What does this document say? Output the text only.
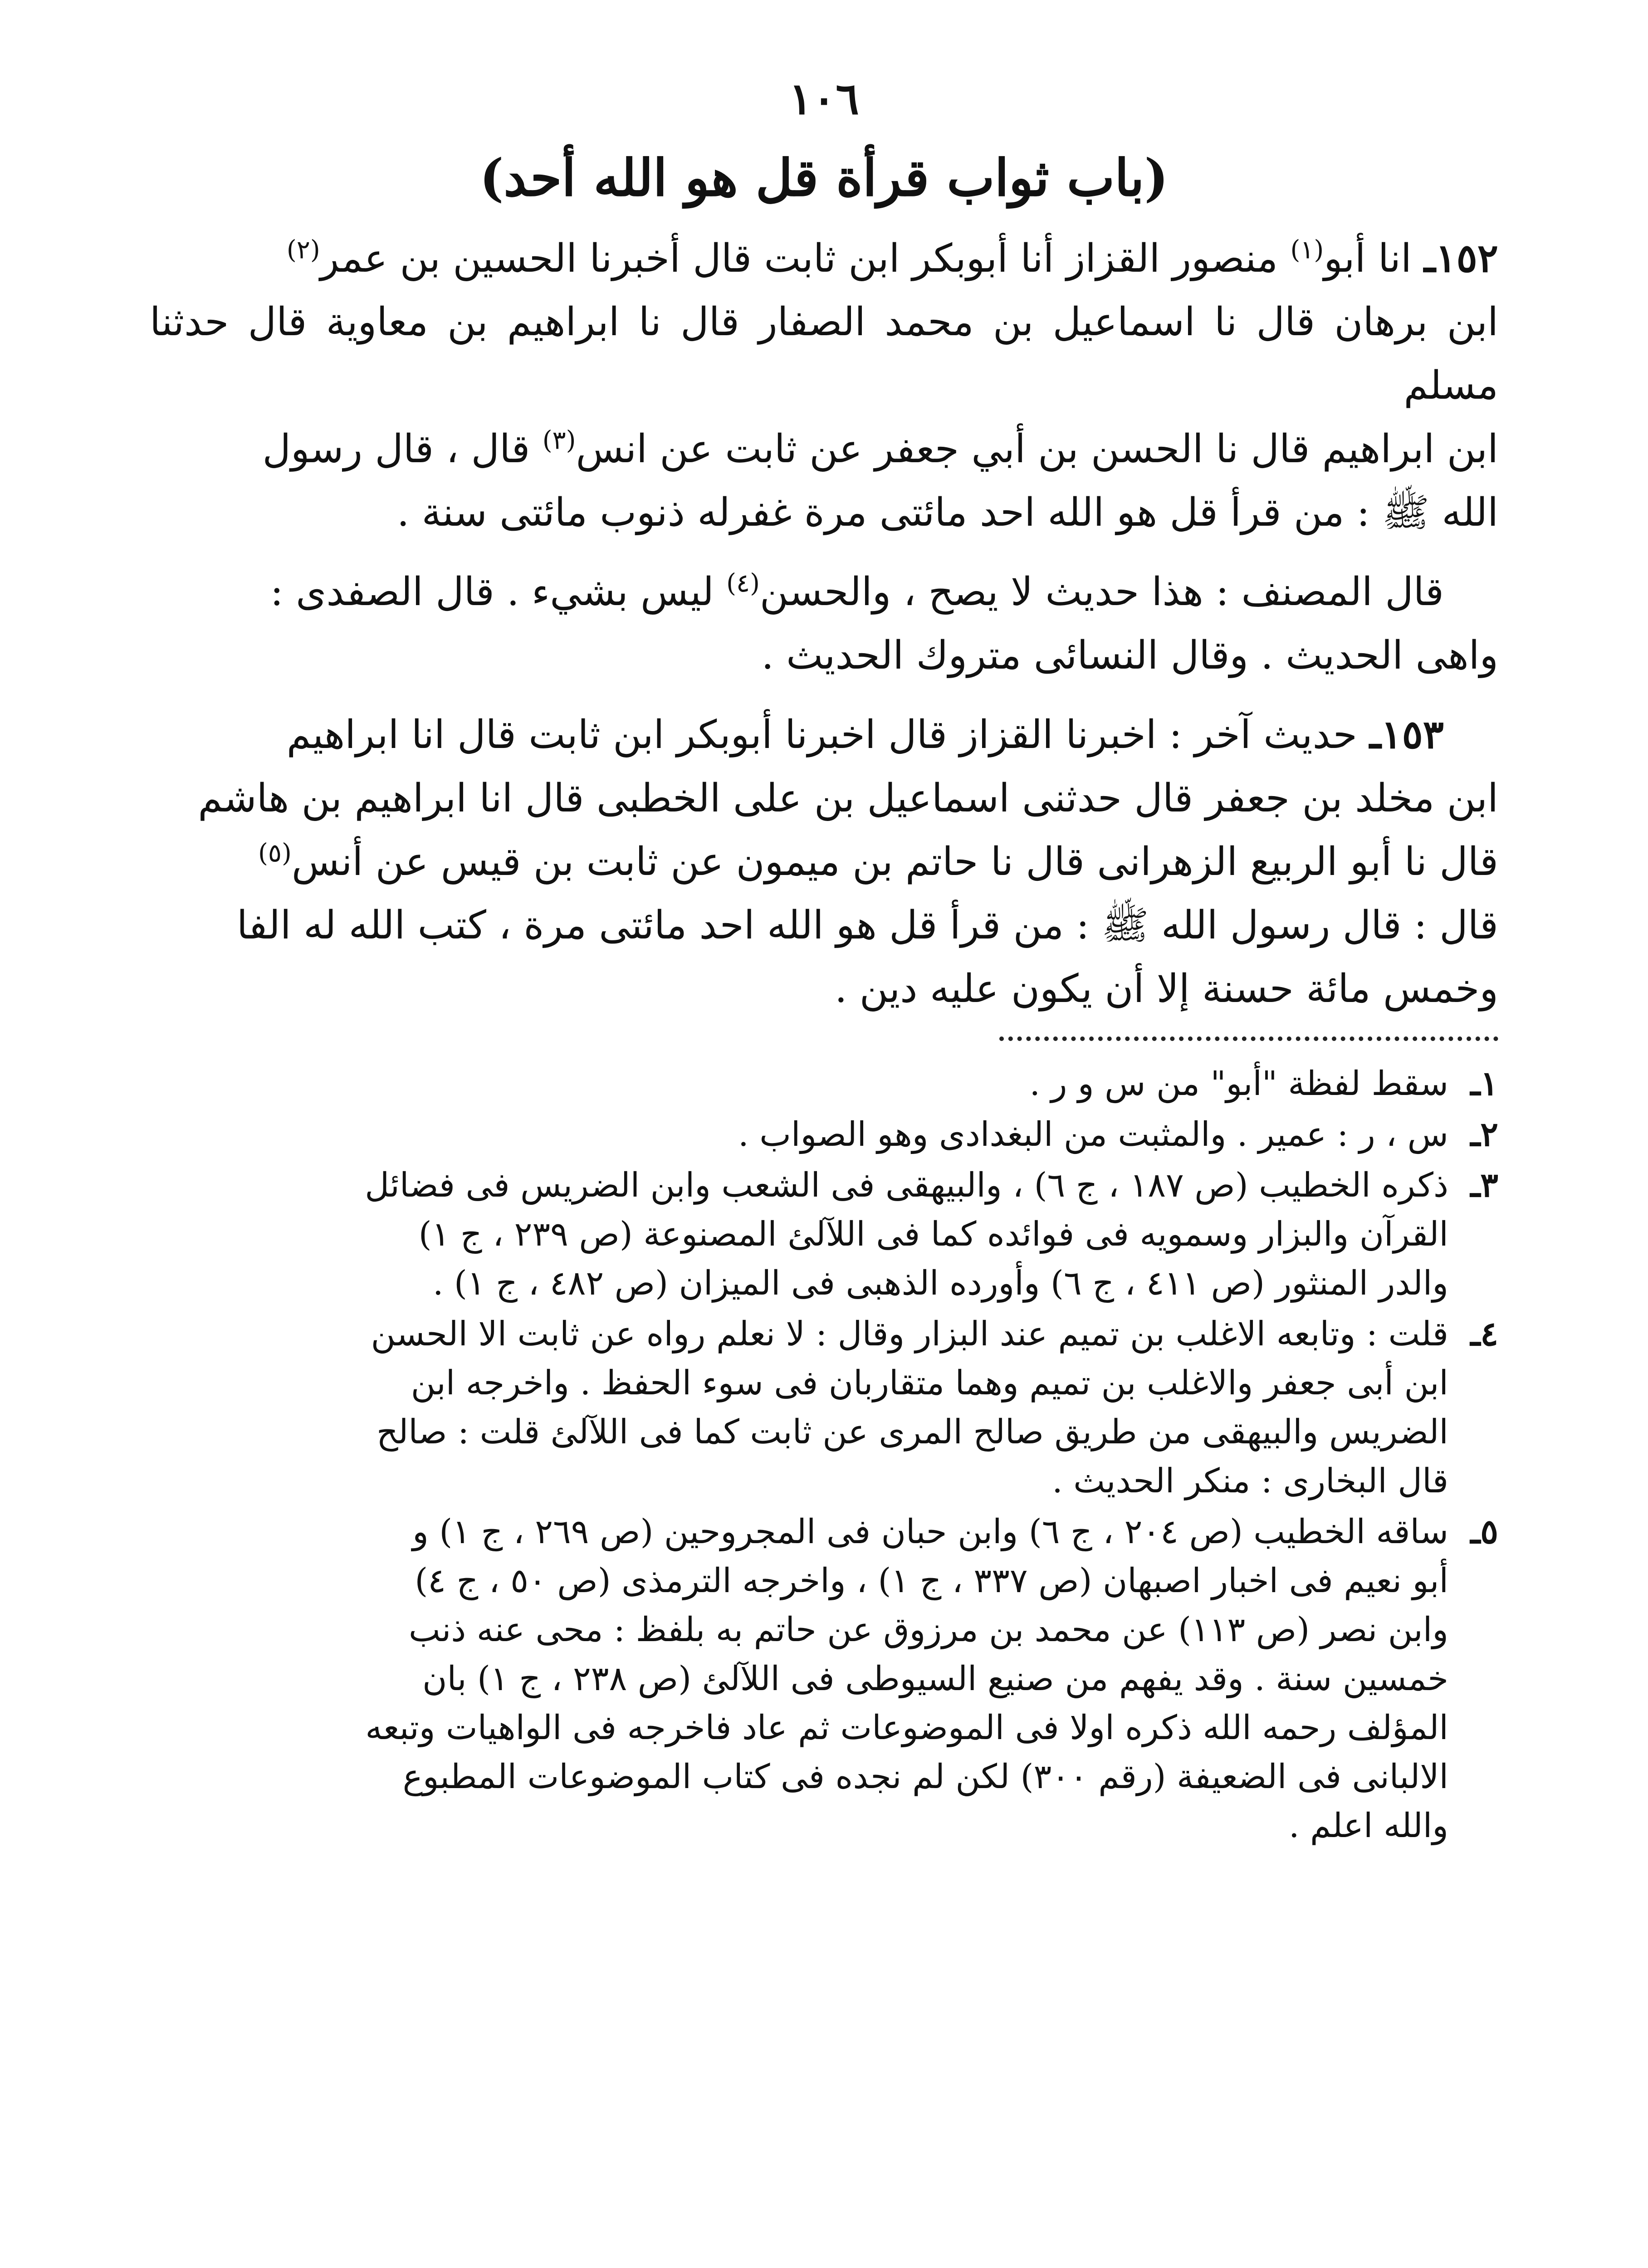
١٠٦
(باب ثواب قرأة قل هو الله أحد)

١٥٢ـ انا أبو$^{(١)}$ منصور القزاز أنا أبوبكر ابن ثابت قال أخبرنا الحسين بن عمر$^{(٢)}$

ابن برهان قال نا اسماعيل بن محمد الصفار قال نا ابراهيم بن معاوية قال حدثنا مسلم

ابن ابراهيم قال نا الحسن بن أبي جعفر عن ثابت عن انس$^{(٣)}$ قال ، قال رسول

الله ﷺ : من قرأ قل هو الله احد مائتى مرة غفرله ذنوب مائتى سنة .

قال المصنف : هذا حديث لا يصح ، والحسن$^{(٤)}$ ليس بشيء . قال الصفدى :

واهى الحديث . وقال النسائى متروك الحديث .

١٥٣ـ حديث آخر : اخبرنا القزاز قال اخبرنا أبوبكر ابن ثابت قال انا ابراهيم

ابن مخلد بن جعفر قال حدثنى اسماعيل بن على الخطبى قال انا ابراهيم بن هاشم

قال نا أبو الربيع الزهرانى قال نا حاتم بن ميمون عن ثابت بن قيس عن أنس$^{(٥)}$

قال : قال رسول الله ﷺ : من قرأ قل هو الله احد مائتى مرة ، كتب الله له الفا

وخمس مائة حسنة إلا أن يكون عليه دين .

١ـ
سقط لفظة "أبو" من س و ر .
٢ـ
س ، ر : عمير . والمثبت من البغدادى وهو الصواب .
٣ـ
ذكره الخطيب (ص ١٨٧ ، ج ٦) ، والبيهقى فى الشعب وابن الضريس فى فضائل
القرآن والبزار وسمويه فى فوائده كما فى اللآلئ المصنوعة (ص ٢٣٩ ، ج ١)
والدر المنثور (ص ٤١١ ، ج ٦) وأورده الذهبى فى الميزان (ص ٤٨٢ ، ج ١) .
٤ـ
قلت : وتابعه الاغلب بن تميم عند البزار وقال : لا نعلم رواه عن ثابت الا الحسن
ابن أبى جعفر والاغلب بن تميم وهما متقاربان فى سوء الحفظ . واخرجه ابن
الضريس والبيهقى من طريق صالح المرى عن ثابت كما فى اللآلئ قلت : صالح
قال البخارى : منكر الحديث .
٥ـ
ساقه الخطيب (ص ٢٠٤ ، ج ٦) وابن حبان فى المجروحين (ص ٢٦٩ ، ج ١) و
أبو نعيم فى اخبار اصبهان (ص ٣٣٧ ، ج ١) ، واخرجه الترمذى (ص ٥٠ ، ج ٤)
وابن نصر (ص ١١٣) عن محمد بن مرزوق عن حاتم به بلفظ : محى عنه ذنب
خمسين سنة . وقد يفهم من صنيع السيوطى فى اللآلئ (ص ٢٣٨ ، ج ١) بان
المؤلف رحمه الله ذكره اولا فى الموضوعات ثم عاد فاخرجه فى الواهيات وتبعه
الالبانى فى الضعيفة (رقم ٣٠٠) لكن لم نجده فى كتاب الموضوعات المطبوع
والله اعلم .
